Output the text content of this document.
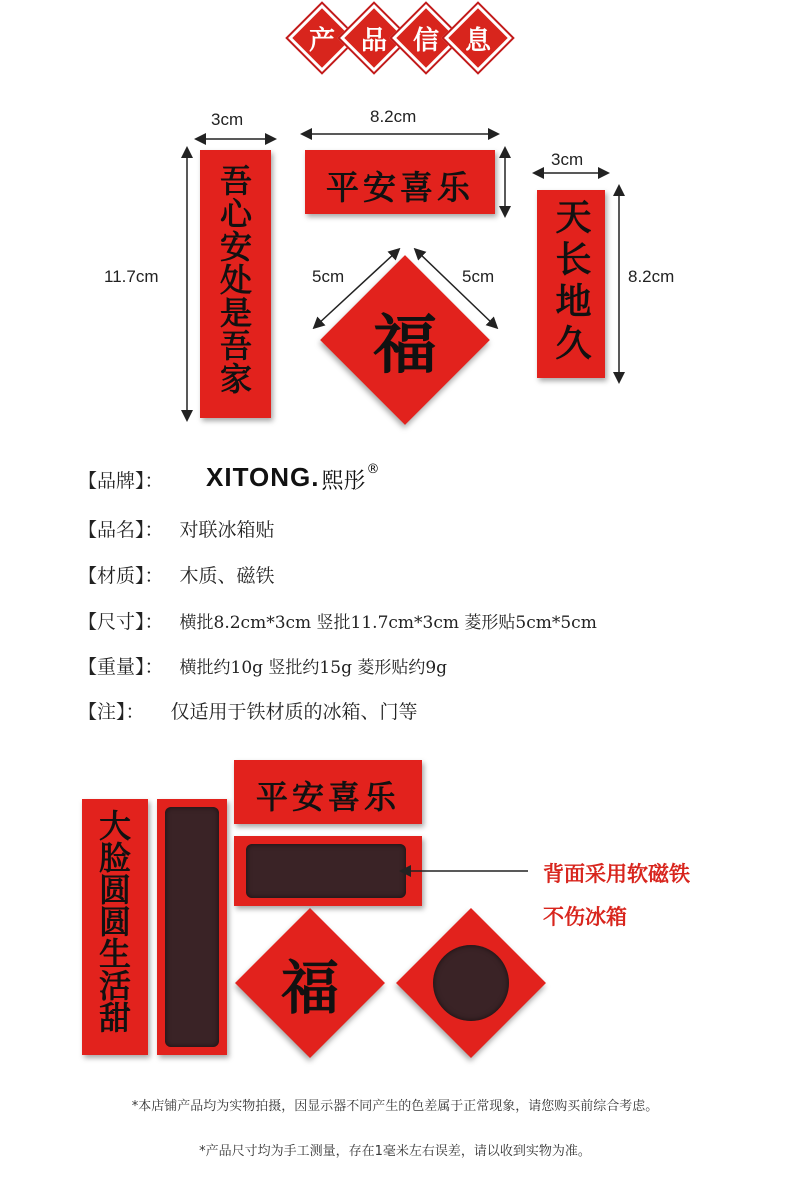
产 品 信 息
3cm
11.7cm
8.2cm
5cm	5cm
3cm
8.2cm
吾心安处是吾家	平安喜乐
福	天长地久
【品牌】： XITONG. 熙彤 ®
【品名】： 对联冰箱贴
【材质】： 木质、磁铁
【尺寸】： 横批8.2cm*3cm 竖批11.7cm*3cm 菱形贴5cm*5cm
【重量】： 横批约10g 竖批约15g 菱形贴约9g
【注】： 仅适用于铁材质的冰箱、门等
大脸圆圆生活甜
平安喜乐
背面采用软磁铁
不伤冰箱
福
*本店铺产品均为实物拍摄，因显示器不同产生的色差属于正常现象，请您购买前综合考虑。
*产品尺寸均为手工测量，存在1毫米左右误差，请以收到实物为准。
